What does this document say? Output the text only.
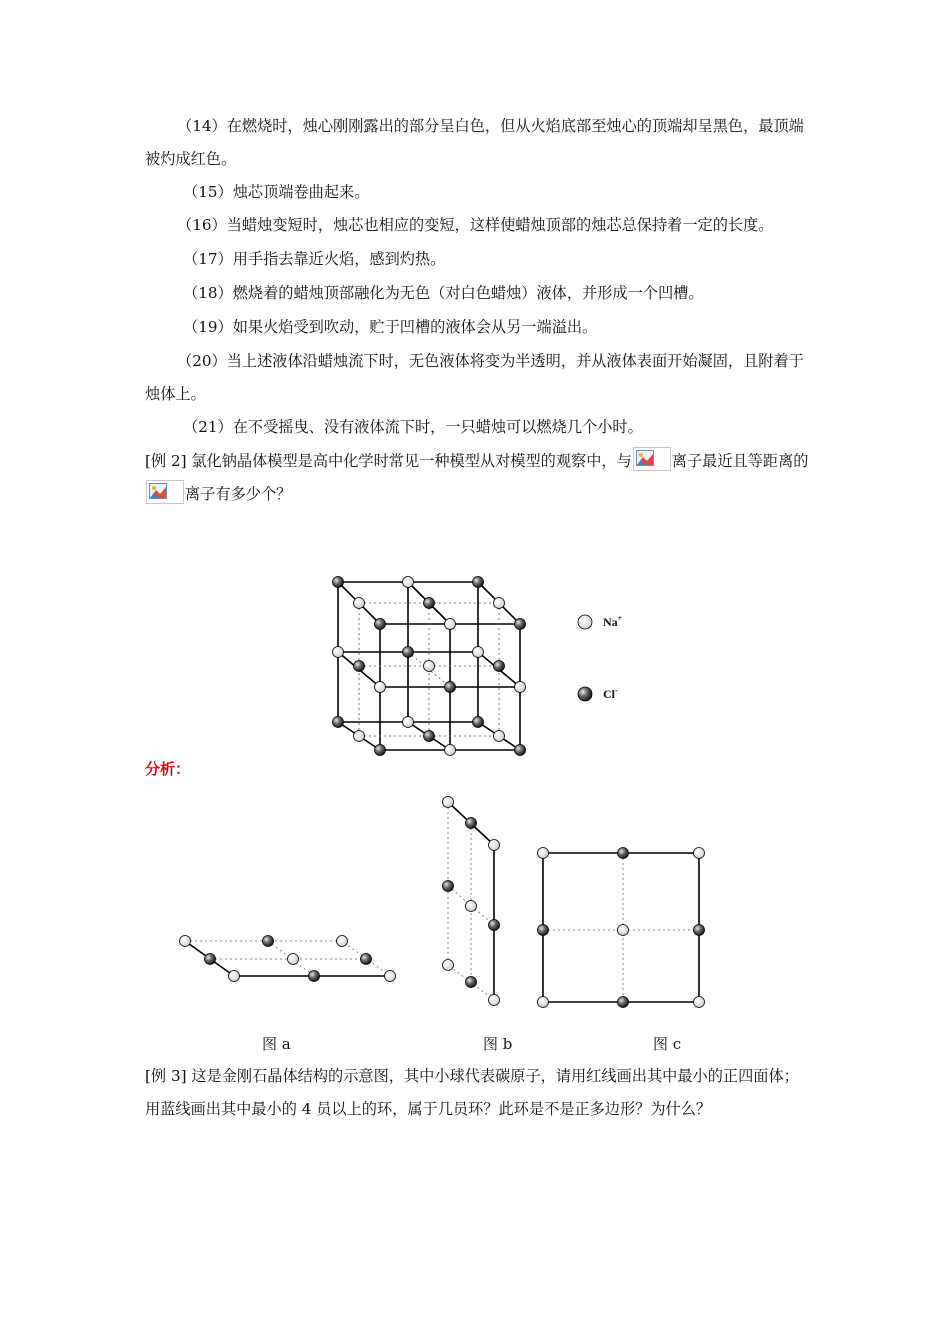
（14）在燃烧时，烛心刚刚露出的部分呈白色，但从火焰底部至烛心的顶端却呈黑色，最顶端被灼成红色。

（15）烛芯顶端卷曲起来。

（16）当蜡烛变短时，烛芯也相应的变短，这样使蜡烛顶部的烛芯总保持着一定的长度。

（17）用手指去靠近火焰，感到灼热。

（18）燃烧着的蜡烛顶部融化为无色（对白色蜡烛）液体，并形成一个凹槽。

（19）如果火焰受到吹动，贮于凹槽的液体会从另一端溢出。

（20）当上述液体沿蜡烛流下时，无色液体将变为半透明，并从液体表面开始凝固，且附着于烛体上。

（21）在不受摇曳、没有液体流下时，一只蜡烛可以燃烧几个小时。

[例 2] 氯化钠晶体模型是高中化学时常见一种模型从对模型的观察中，与	离子最近且等距离的
离子有多少个？

Na+
Cl-
分析：
图 a	图 b	图 c

[例 3] 这是金刚石晶体结构的示意图，其中小球代表碳原子，请用红线画出其中最小的正四面体；用蓝线画出其中最小的 4 员以上的环，属于几员环？此环是不是正多边形？为什么？
